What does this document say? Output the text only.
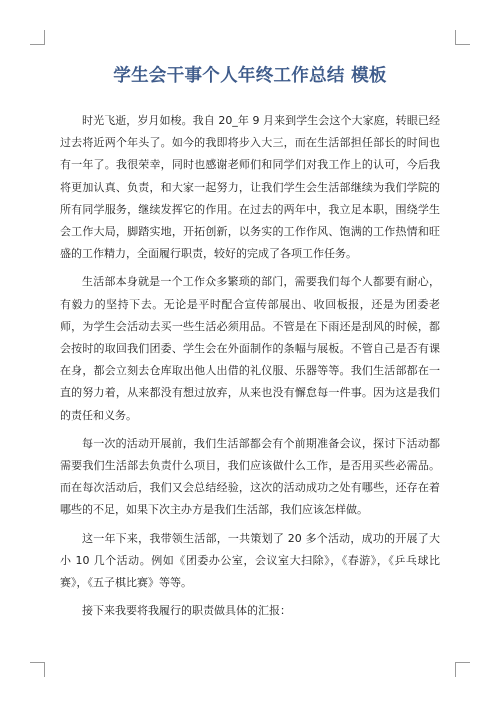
学生会干事个人年终工作总结 模板

时光飞逝，岁月如梭。我自 20_年 9 月来到学生会这个大家庭，转眼已经过去将近两个年头了。如今的我即将步入大三，而在生活部担任部长的时间也有一年了。我很荣幸，同时也感谢老师们和同学们对我工作上的认可，今后我将更加认真、负责，和大家一起努力，让我们学生会生活部继续为我们学院的所有同学服务，继续发挥它的作用。在过去的两年中，我立足本职，围绕学生会工作大局，脚踏实地，开拓创新，以务实的工作作风、饱满的工作热情和旺盛的工作精力，全面履行职责，较好的完成了各项工作任务。

生活部本身就是一个工作众多繁琐的部门，需要我们每个人都要有耐心，有毅力的坚持下去。无论是平时配合宣传部展出、收回板报，还是为团委老师，为学生会活动去买一些生活必须用品。不管是在下雨还是刮风的时候，都会按时的取回我们团委、学生会在外面制作的条幅与展板。不管自己是否有课在身，都会立刻去仓库取出他人出借的礼仪服、乐器等等。我们生活部都在一直的努力着，从来都没有想过放弃，从来也没有懈怠每一件事。因为这是我们的责任和义务。

每一次的活动开展前，我们生活部都会有个前期准备会议，探讨下活动都需要我们生活部去负责什么项目，我们应该做什么工作，是否用买些必需品。而在每次活动后，我们又会总结经验，这次的活动成功之处有哪些，还存在着哪些的不足，如果下次主办方是我们生活部，我们应该怎样做。

这一年下来，我带领生活部，一共策划了 20 多个活动，成功的开展了大小 10 几个活动。例如《团委办公室，会议室大扫除》，《春游》，《乒乓球比赛》，《五子棋比赛》等等。

接下来我要将我履行的职责做具体的汇报：
